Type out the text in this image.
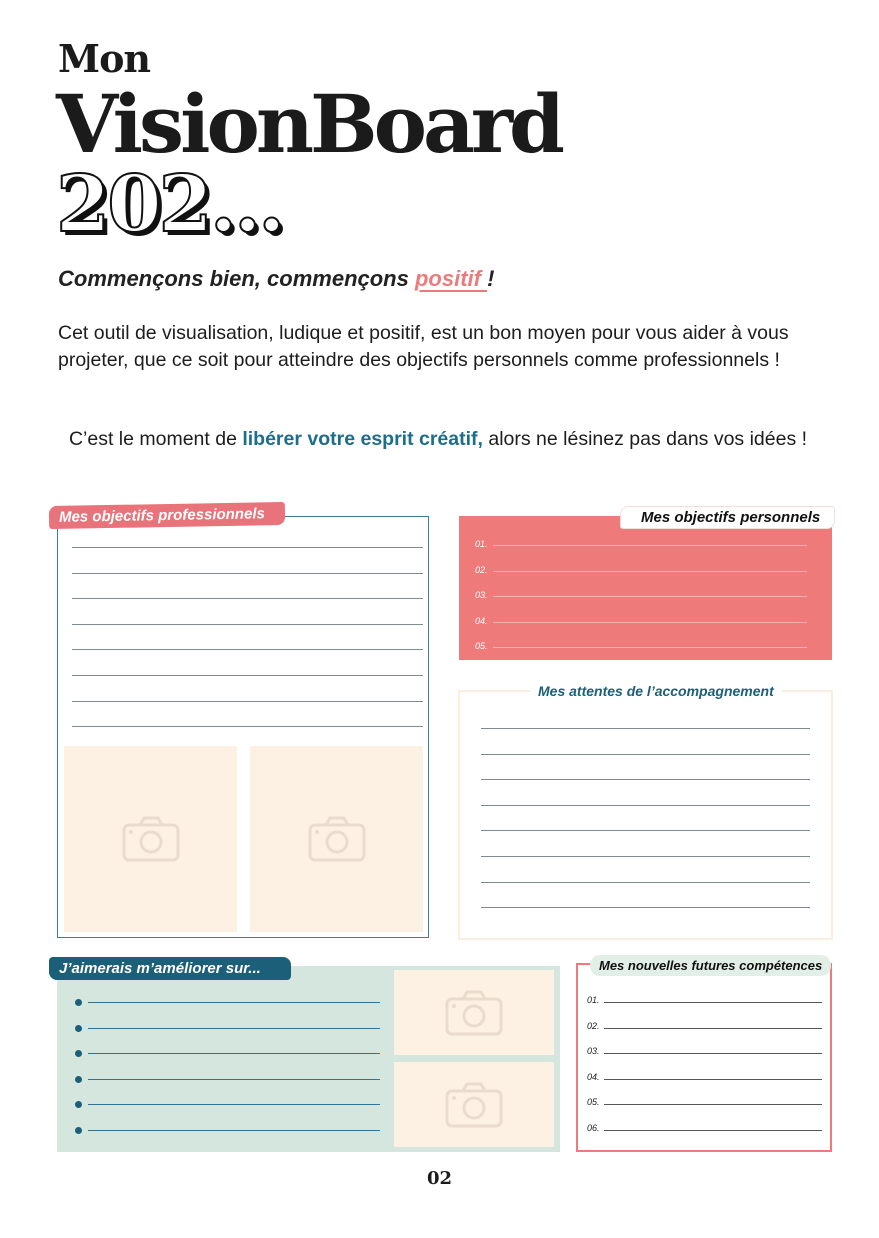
Mon
VisionBoard
202...
Commençons bien, commençons positif !
Cet outil de visualisation, ludique et positif, est un bon moyen pour vous aider à vous projeter, que ce soit pour atteindre des objectifs personnels comme professionnels !
C’est le moment de libérer votre esprit créatif, alors ne lésinez pas dans vos idées !
Mes objectifs professionnels	Mes objectifs personnels
01.
02.
03.
04.
05.
Mes attentes de l’accompagnement
J’aimerais m’améliorer sur...	Mes nouvelles futures compétences
01.
02.
03.
04.
05.
06.
02
